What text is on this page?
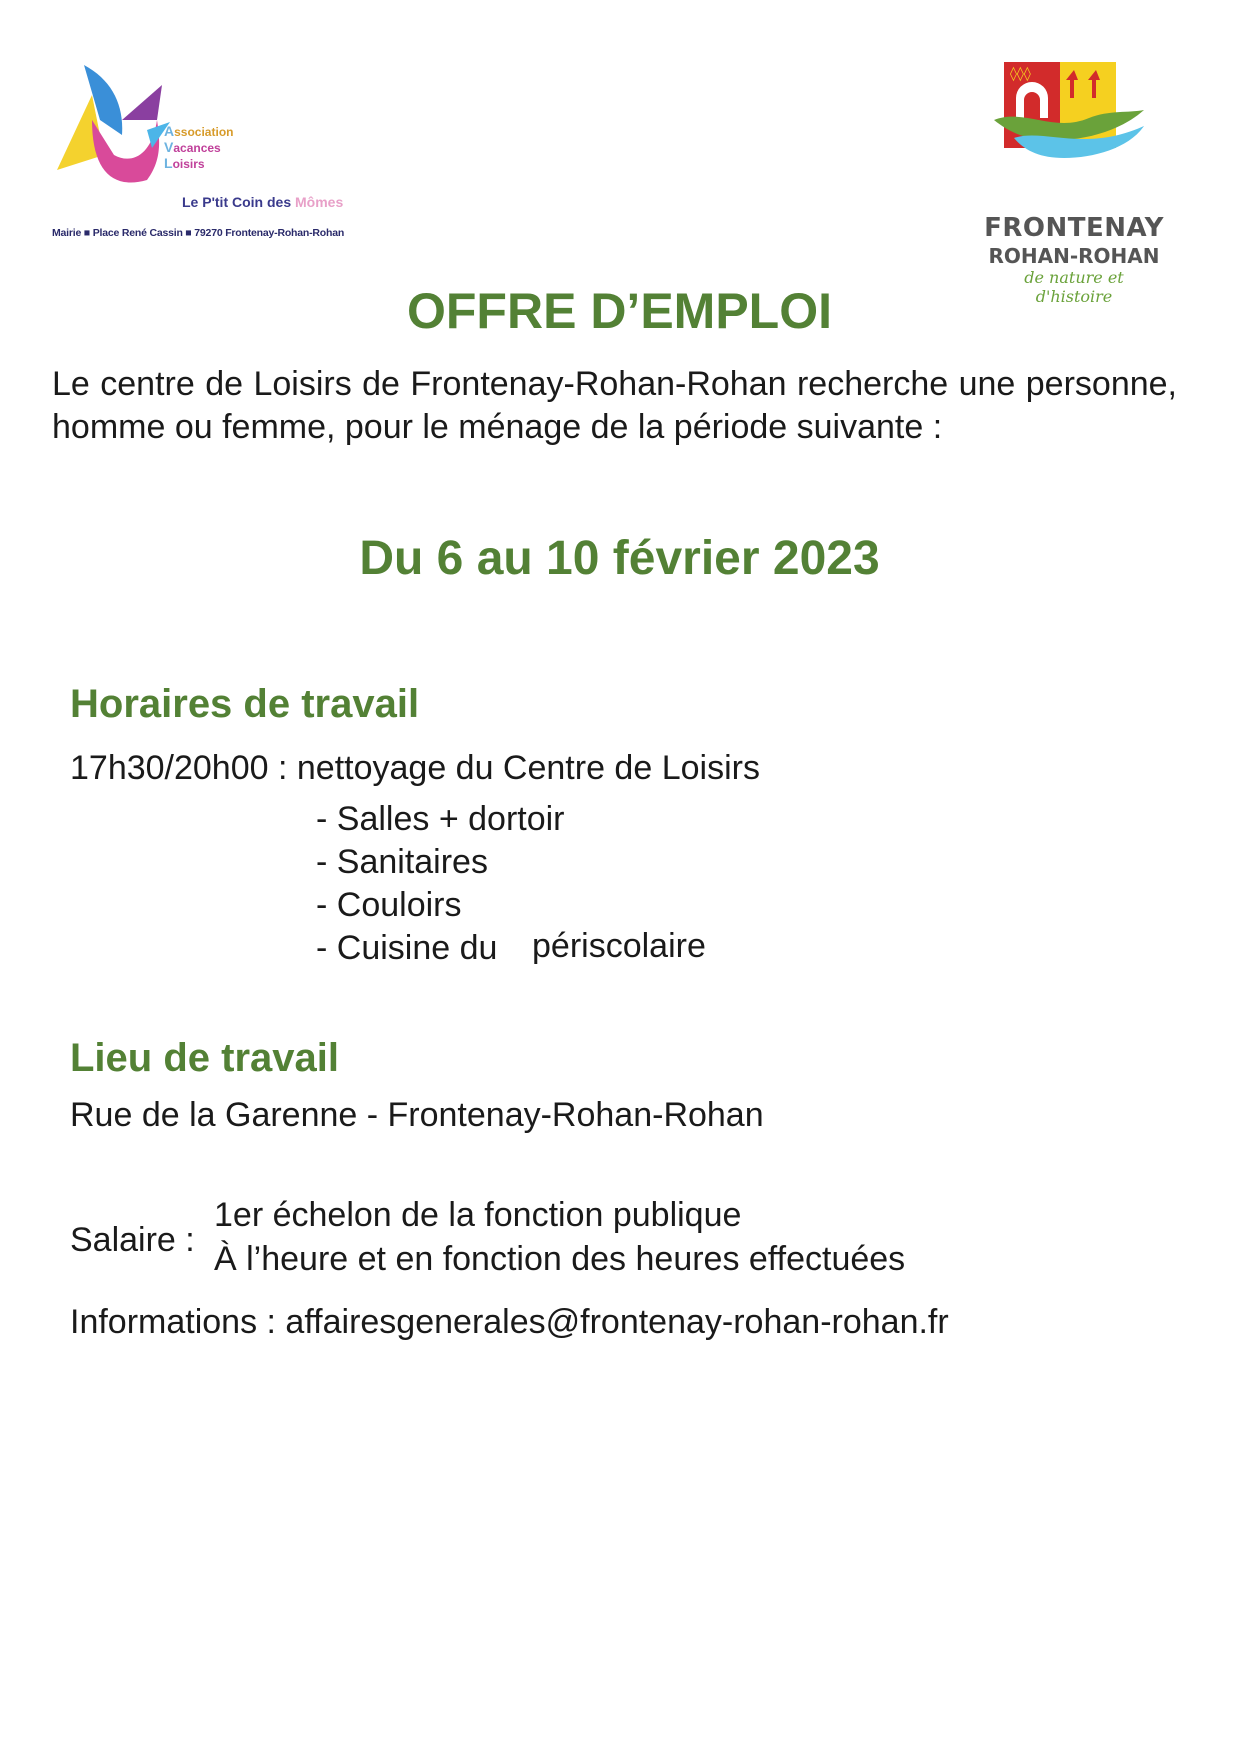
Association
Vacances
Loisirs
Le P'tit Coin des Mômes
Mairie ■ Place René Cassin ■ 79270 Frontenay-Rohan-Rohan
◊◊◊
FRONTENAY
ROHAN-ROHAN
de nature et d'histoire
OFFRE D’EMPLOI
Le centre de Loisirs de Frontenay-Rohan-Rohan recherche une personne, homme ou femme, pour le ménage de la période suivante :
Du 6 au 10 février 2023
Horaires de travail
17h30/20h00 : nettoyage du Centre de Loisirs
- Salles + dortoir
- Sanitaires
- Couloirs
- Cuisine du périscolaire
Lieu de travail
Rue de la Garenne - Frontenay-Rohan-Rohan
Salaire :
1er échelon de la fonction publique
À l’heure et en fonction des heures effectuées
Informations : affairesgenerales@frontenay-rohan-rohan.fr
